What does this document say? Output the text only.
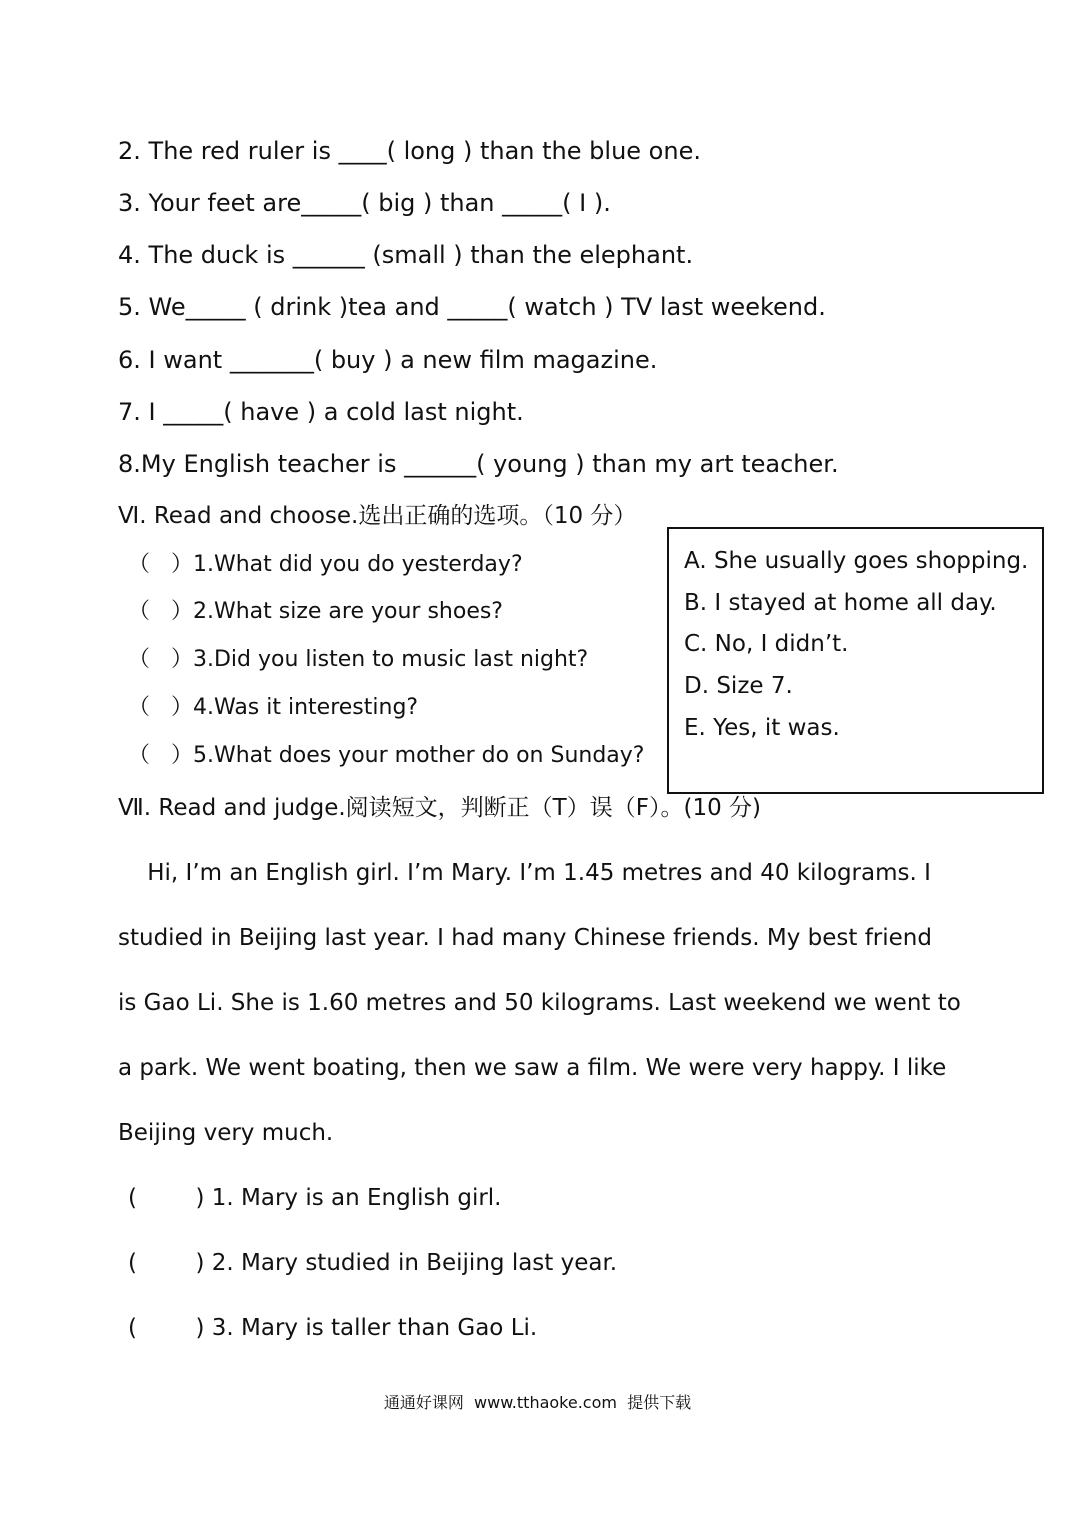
2. The red ruler is ____( long ) than the blue one.
3. Your feet are_____( big ) than _____( I ).
4. The duck is ______ (small ) than the elephant.
5. We_____ ( drink )tea and _____( watch ) TV last weekend.
6. I want _______( buy ) a new film magazine.
7. I _____( have ) a cold last night.
8.My English teacher is ______( young ) than my art teacher.
Ⅵ. Read and choose.选出正确的选项。（10 分）
（   ）1.What did you do yesterday?
（   ）2.What size are your shoes?
（   ）3.Did you listen to music last night?
（   ）4.Was it interesting?
（   ）5.What does your mother do on Sunday?
A. She usually goes shopping.
B. I stayed at home all day.
C. No, I didn’t.
D. Size 7.
E. Yes, it was.
Ⅶ. Read and judge.阅读短文，判断正（T）误（F）。(10 分)
Hi, I’m an English girl. I’m Mary. I’m 1.45 metres and 40 kilograms. I
studied in Beijing last year. I had many Chinese friends. My best friend
is Gao Li. She is 1.60 metres and 50 kilograms. Last weekend we went to
a park. We went boating, then we saw a film. We were very happy. I like
Beijing very much.
(        ) 1. Mary is an English girl.
(        ) 2. Mary studied in Beijing last year.
(        ) 3. Mary is taller than Gao Li.
通通好课网  www.tthaoke.com  提供下载
